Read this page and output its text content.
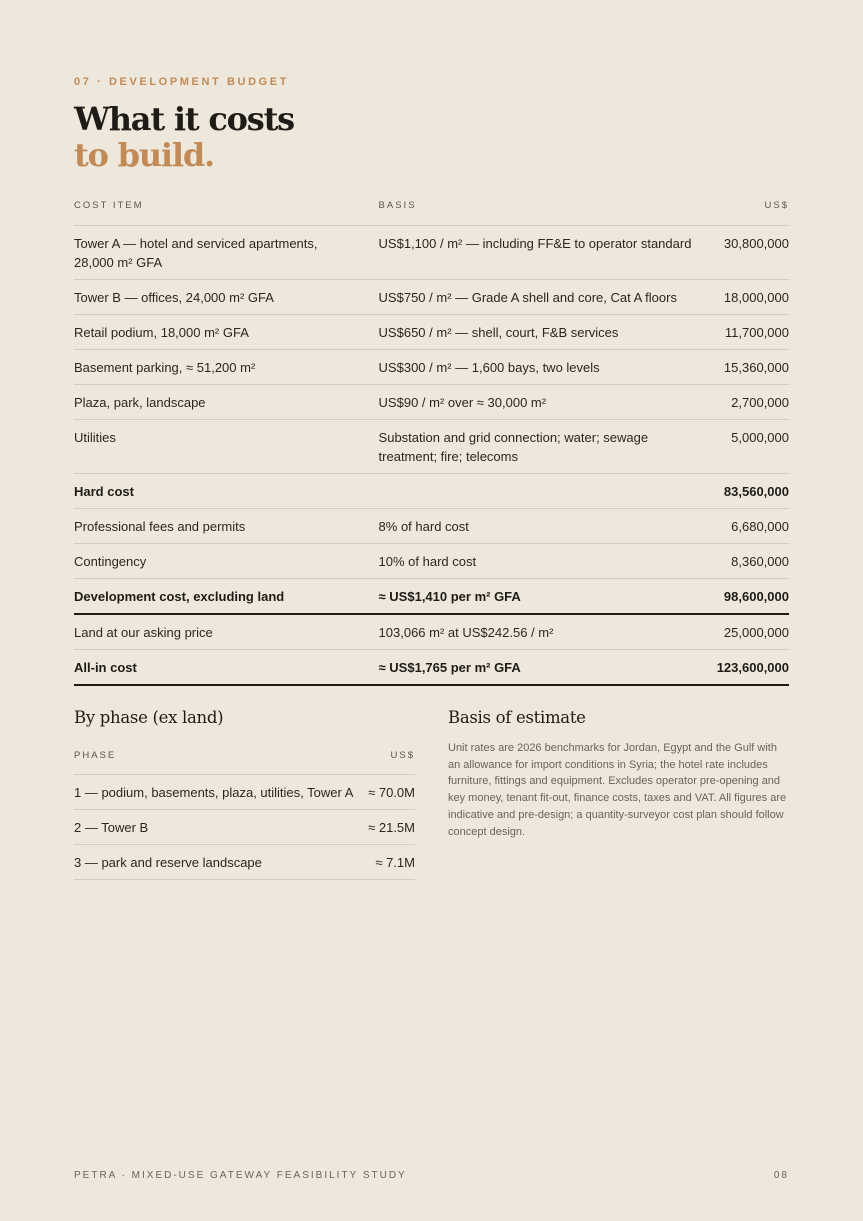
07 · DEVELOPMENT BUDGET
What it costs
to build.
COST ITEM	BASIS	US$
Tower A — hotel and serviced apartments, 28,000 m² GFA	US$1,100 / m² — including FF&E to operator standard	30,800,000
Tower B — offices, 24,000 m² GFA	US$750 / m² — Grade A shell and core, Cat A floors	18,000,000
Retail podium, 18,000 m² GFA	US$650 / m² — shell, court, F&B services	11,700,000
Basement parking, ≈ 51,200 m²	US$300 / m² — 1,600 bays, two levels	15,360,000
Plaza, park, landscape	US$90 / m² over ≈ 30,000 m²	2,700,000
Utilities	Substation and grid connection; water; sewage treatment; fire; telecoms	5,000,000
Hard cost		83,560,000
Professional fees and permits	8% of hard cost	6,680,000
Contingency	10% of hard cost	8,360,000
Development cost, excluding land	≈ US$1,410 per m² GFA	98,600,000
Land at our asking price	103,066 m² at US$242.56 / m²	25,000,000
All-in cost	≈ US$1,765 per m² GFA	123,600,000
By phase (ex land)
PHASE	US$
1 — podium, basements, plaza, utilities, Tower A	≈ 70.0M
2 — Tower B	≈ 21.5M
3 — park and reserve landscape	≈ 7.1M
Basis of estimate
Unit rates are 2026 benchmarks for Jordan, Egypt and the Gulf with an allowance for import conditions in Syria; the hotel rate includes furniture, fittings and equipment. Excludes operator pre-opening and key money, tenant fit-out, finance costs, taxes and VAT. All figures are indicative and pre-design; a quantity-surveyor cost plan should follow concept design.
PETRA · MIXED-USE GATEWAY FEASIBILITY STUDY	08
